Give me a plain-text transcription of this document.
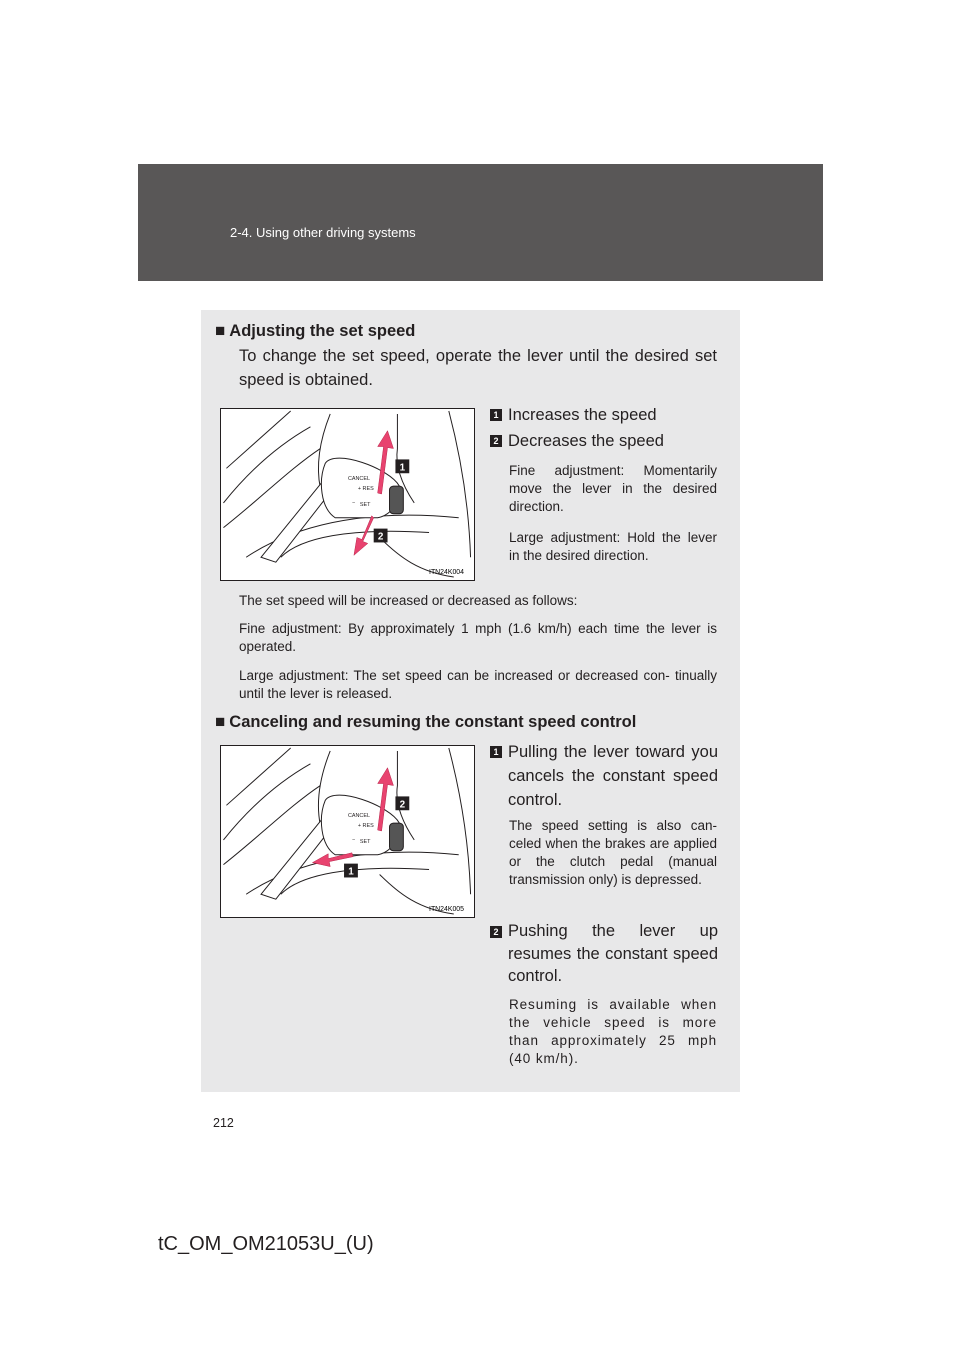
2-4. Using other driving systems
■ Adjusting the set speed
To change the set speed, operate the lever until the desired set speed is obtained.
CANCEL
+ RES
SET
−
1
2
ITN24K004
1 Increases the speed
2 Decreases the speed
Fine adjustment: Momentarily move the lever in the desired direction.
Large adjustment: Hold the lever in the desired direction.
The set speed will be increased or decreased as follows:
Fine adjustment: By approximately 1 mph (1.6 km/h) each time the lever is operated.
Large adjustment: The set speed can be increased or decreased con- tinually until the lever is released.
■ Canceling and resuming the constant speed control
CANCEL
+ RES
SET
−
2
1
ITN24K005
1 Pulling the lever toward you cancels the constant speed control.
The speed setting is also can- celed when the brakes are applied or the clutch pedal (manual transmission only) is depressed.
2 Pushing the lever up resumes the constant speed control.
Resuming is available when the vehicle speed is more than approximately 25 mph (40 km/h).
212
tC_OM_OM21053U_(U)
